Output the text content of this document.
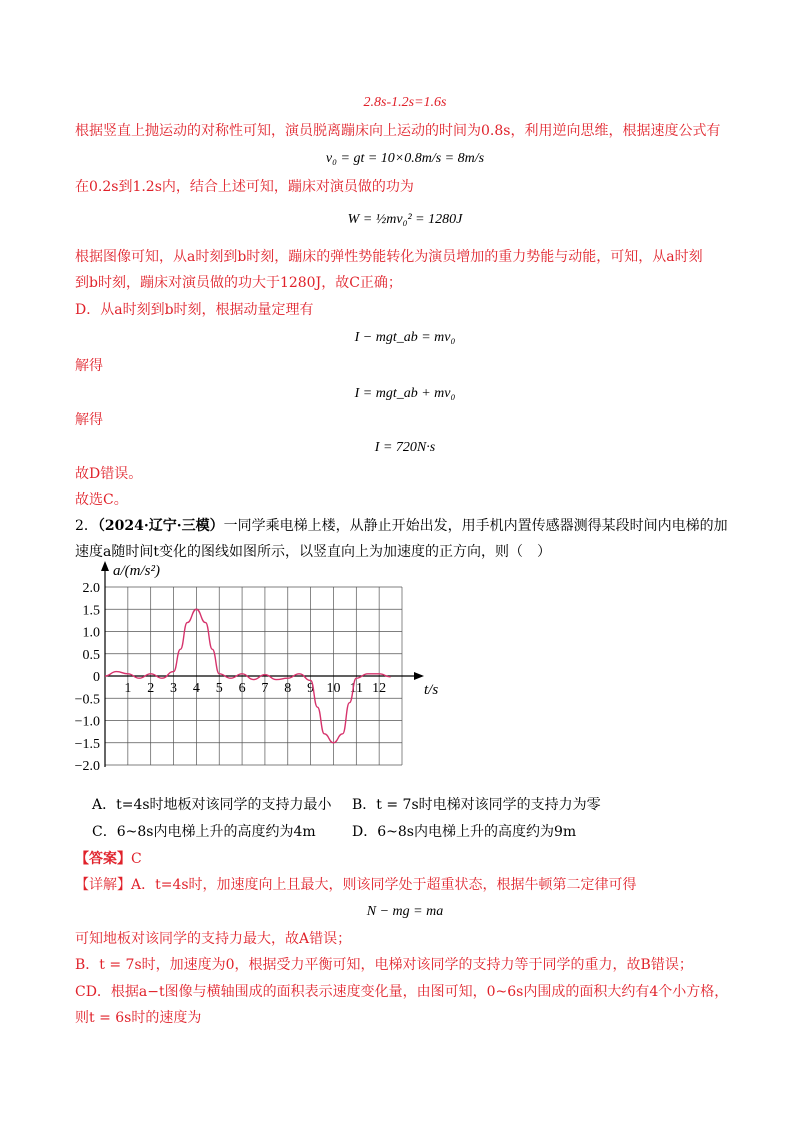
2.8s-1.2s=1.6s
根据竖直上抛运动的对称性可知，演员脱离蹦床向上运动的时间为0.8s，利用逆向思维，根据速度公式有
v₀ = gt = 10×0.8m/s = 8m/s
在0.2s到1.2s内，结合上述可知，蹦床对演员做的功为
W = ½mv₀² = 1280J
根据图像可知，从a时刻到b时刻，蹦床的弹性势能转化为演员增加的重力势能与动能，可知，从a时刻
到b时刻，蹦床对演员做的功大于1280J，故C正确；
D．从a时刻到b时刻，根据动量定理有
I − mgt_ab = mv₀
解得
I = mgt_ab + mv₀
解得
I = 720N·s
故D错误。
故选C。
2．（2024·辽宁·三模）一同学乘电梯上楼，从静止开始出发，用手机内置传感器测得某段时间内电梯的加
速度a随时间t变化的图线如图所示，以竖直向上为加速度的正方向，则（　）
2.0
1.5
1.0
0.5
0
−0.5
−1.0
−1.5
−2.0
1 2 3 4 5 6 7 8 9 10 11 12
a/(m/s²)
t/s
A．t=4s时地板对该同学的支持力最小 B．t = 7s时电梯对该同学的支持力为零
C．6~8s内电梯上升的高度约为4m	D．6~8s内电梯上升的高度约为9m
【答案】C
【详解】A．t=4s时，加速度向上且最大，则该同学处于超重状态，根据牛顿第二定律可得
N − mg = ma
可知地板对该同学的支持力最大，故A错误；
B．t = 7s时，加速度为0，根据受力平衡可知，电梯对该同学的支持力等于同学的重力，故B错误；
CD．根据a−t图像与横轴围成的面积表示速度变化量，由图可知，0~6s内围成的面积大约有4个小方格，
则t = 6s时的速度为
